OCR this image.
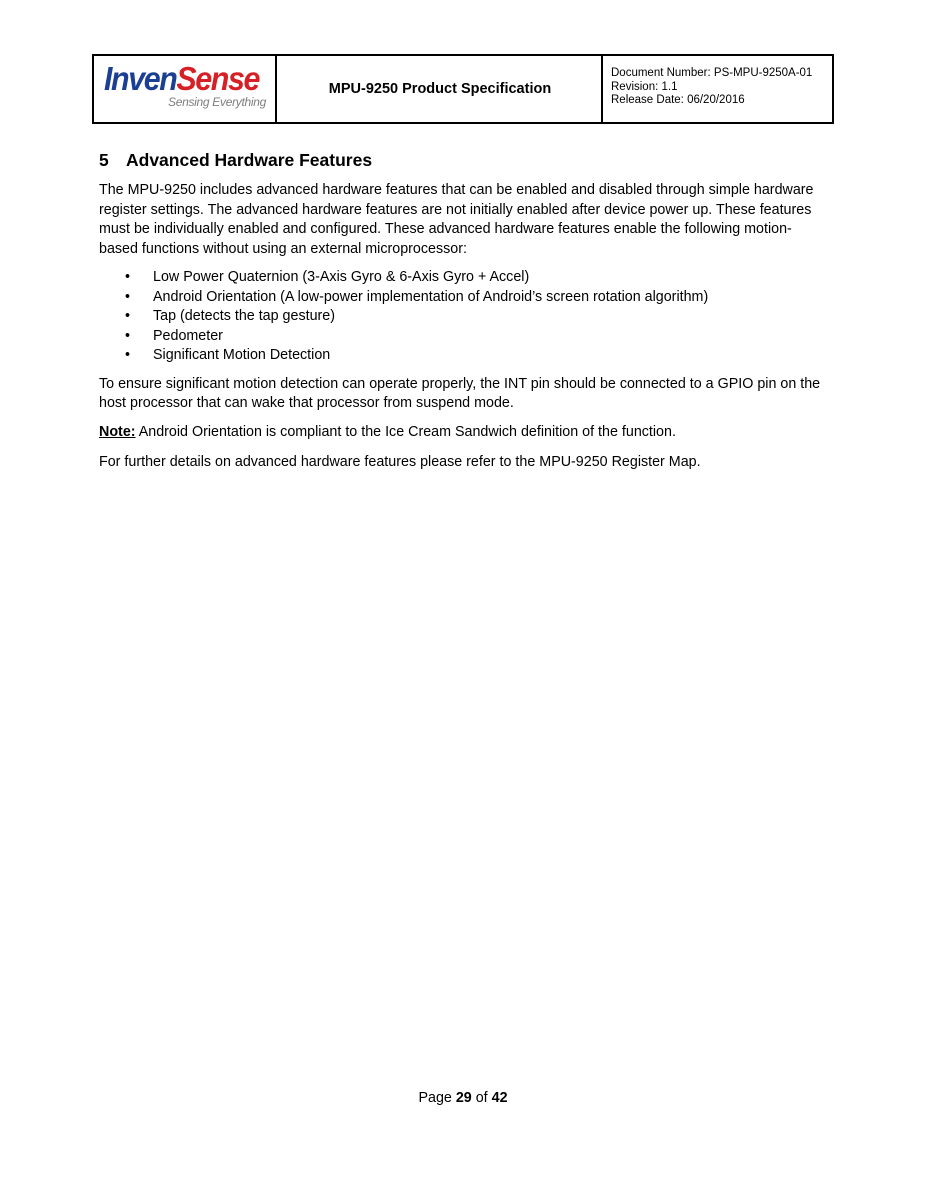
InvenSense
Sensing Everything
MPU-9250 Product Specification
Document Number: PS-MPU-9250A-01
Revision: 1.1
Release Date: 06/20/2016
5 Advanced Hardware Features

The MPU-9250 includes advanced hardware features that can be enabled and disabled through simple hardware register settings. The advanced hardware features are not initially enabled after device power up. These features must be individually enabled and configured. These advanced hardware features enable the following motion-based functions without using an external microprocessor:

• Low Power Quaternion (3-Axis Gyro & 6-Axis Gyro + Accel)
• Android Orientation (A low-power implementation of Android’s screen rotation algorithm)
• Tap (detects the tap gesture)
• Pedometer
• Significant Motion Detection

To ensure significant motion detection can operate properly, the INT pin should be connected to a GPIO pin on the host processor that can wake that processor from suspend mode.

Note: Android Orientation is compliant to the Ice Cream Sandwich definition of the function.

For further details on advanced hardware features please refer to the MPU-9250 Register Map.

Page 29 of 42
